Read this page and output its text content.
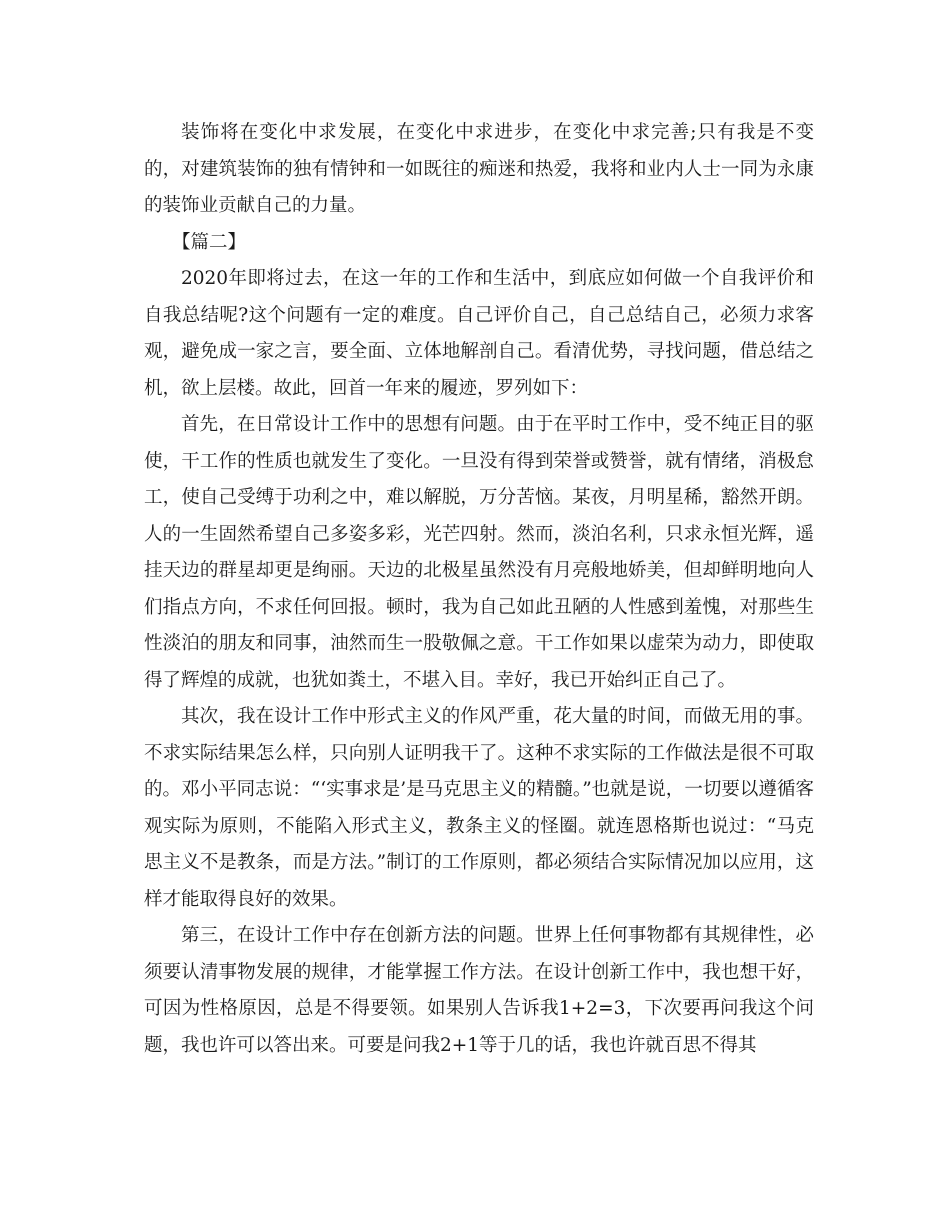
装饰将在变化中求发展，在变化中求进步，在变化中求完善;只有我是不变的，对建筑装饰的独有情钟和一如既往的痴迷和热爱，我将和业内人士一同为永康的装饰业贡献自己的力量。

【篇二】

2020年即将过去，在这一年的工作和生活中，到底应如何做一个自我评价和自我总结呢?这个问题有一定的难度。自己评价自己，自己总结自己，必须力求客观，避免成一家之言，要全面、立体地解剖自己。看清优势，寻找问题，借总结之机，欲上层楼。故此，回首一年来的履迹，罗列如下：

首先，在日常设计工作中的思想有问题。由于在平时工作中，受不纯正目的驱使，干工作的性质也就发生了变化。一旦没有得到荣誉或赞誉，就有情绪，消极怠工，使自己受缚于功利之中，难以解脱，万分苦恼。某夜，月明星稀，豁然开朗。人的一生固然希望自己多姿多彩，光芒四射。然而，淡泊名利，只求永恒光辉，遥挂天边的群星却更是绚丽。天边的北极星虽然没有月亮般地娇美，但却鲜明地向人们指点方向，不求任何回报。顿时，我为自己如此丑陋的人性感到羞愧，对那些生性淡泊的朋友和同事，油然而生一股敬佩之意。干工作如果以虚荣为动力，即使取得了辉煌的成就，也犹如粪土，不堪入目。幸好，我已开始纠正自己了。

其次，我在设计工作中形式主义的作风严重，花大量的时间，而做无用的事。不求实际结果怎么样，只向别人证明我干了。这种不求实际的工作做法是很不可取的。邓小平同志说：“‘实事求是’是马克思主义的精髓。”也就是说，一切要以遵循客观实际为原则，不能陷入形式主义，教条主义的怪圈。就连恩格斯也说过：“马克思主义不是教条，而是方法。”制订的工作原则，都必须结合实际情况加以应用，这样才能取得良好的效果。

第三，在设计工作中存在创新方法的问题。世界上任何事物都有其规律性，必须要认清事物发展的规律，才能掌握工作方法。在设计创新工作中，我也想干好，可因为性格原因，总是不得要领。如果别人告诉我1+2=3，下次要再问我这个问题，我也许可以答出来。可要是问我2+1等于几的话，我也许就百思不得其
